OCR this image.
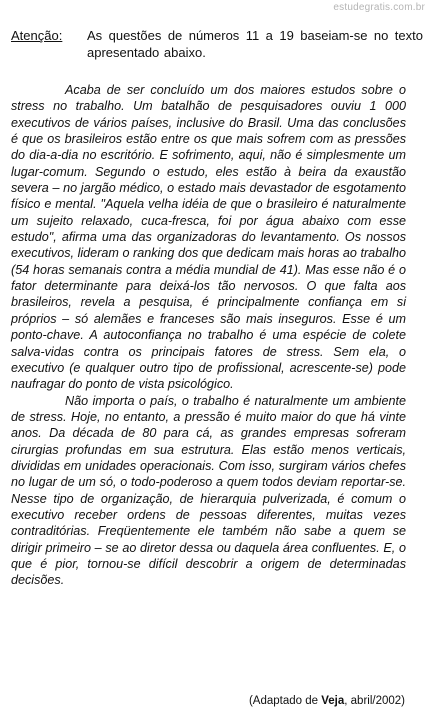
estudegratis.com.br
Atenção:	As questões de números 11 a 19 baseiam-se no texto apresentado abaixo.

Acaba de ser concluído um dos maiores estudos sobre o stress no trabalho. Um batalhão de pesquisadores ouviu 1 000 executivos de vários países, inclusive do Brasil. Uma das conclusões é que os brasileiros estão entre os que mais sofrem com as pressões do dia-a-dia no escritório. E sofrimento, aqui, não é simplesmente um lugar-comum. Segundo o estudo, eles estão à beira da exaustão severa – no jargão médico, o estado mais devastador de esgotamento físico e mental. "Aquela velha idéia de que o brasileiro é naturalmente um sujeito relaxado, cuca-fresca, foi por água abaixo com esse estudo", afirma uma das organizadoras do levantamento. Os nossos executivos, lideram o ranking dos que dedicam mais horas ao trabalho (54 horas semanais contra a média mundial de 41). Mas esse não é o fator determinante para deixá-los tão nervosos. O que falta aos brasileiros, revela a pesquisa, é principalmente confiança em si próprios – só alemães e franceses são mais inseguros. Esse é um ponto-chave. A autoconfiança no trabalho é uma espécie de colete salva-vidas contra os principais fatores de stress. Sem ela, o executivo (e qualquer outro tipo de profissional, acrescente-se) pode naufragar do ponto de vista psicológico.

Não importa o país, o trabalho é naturalmente um ambiente de stress. Hoje, no entanto, a pressão é muito maior do que há vinte anos. Da década de 80 para cá, as grandes empresas sofreram cirurgias profundas em sua estrutura. Elas estão menos verticais, divididas em unidades operacionais. Com isso, surgiram vários chefes no lugar de um só, o todo-poderoso a quem todos deviam reportar-se. Nesse tipo de organização, de hierarquia pulverizada, é comum o executivo receber ordens de pessoas diferentes, muitas vezes contraditórias. Freqüentemente ele também não sabe a quem se dirigir primeiro – se ao diretor dessa ou daquela área confluentes. E, o que é pior, tornou-se difícil descobrir a origem de determinadas decisões.

(Adaptado de Veja, abril/2002)
